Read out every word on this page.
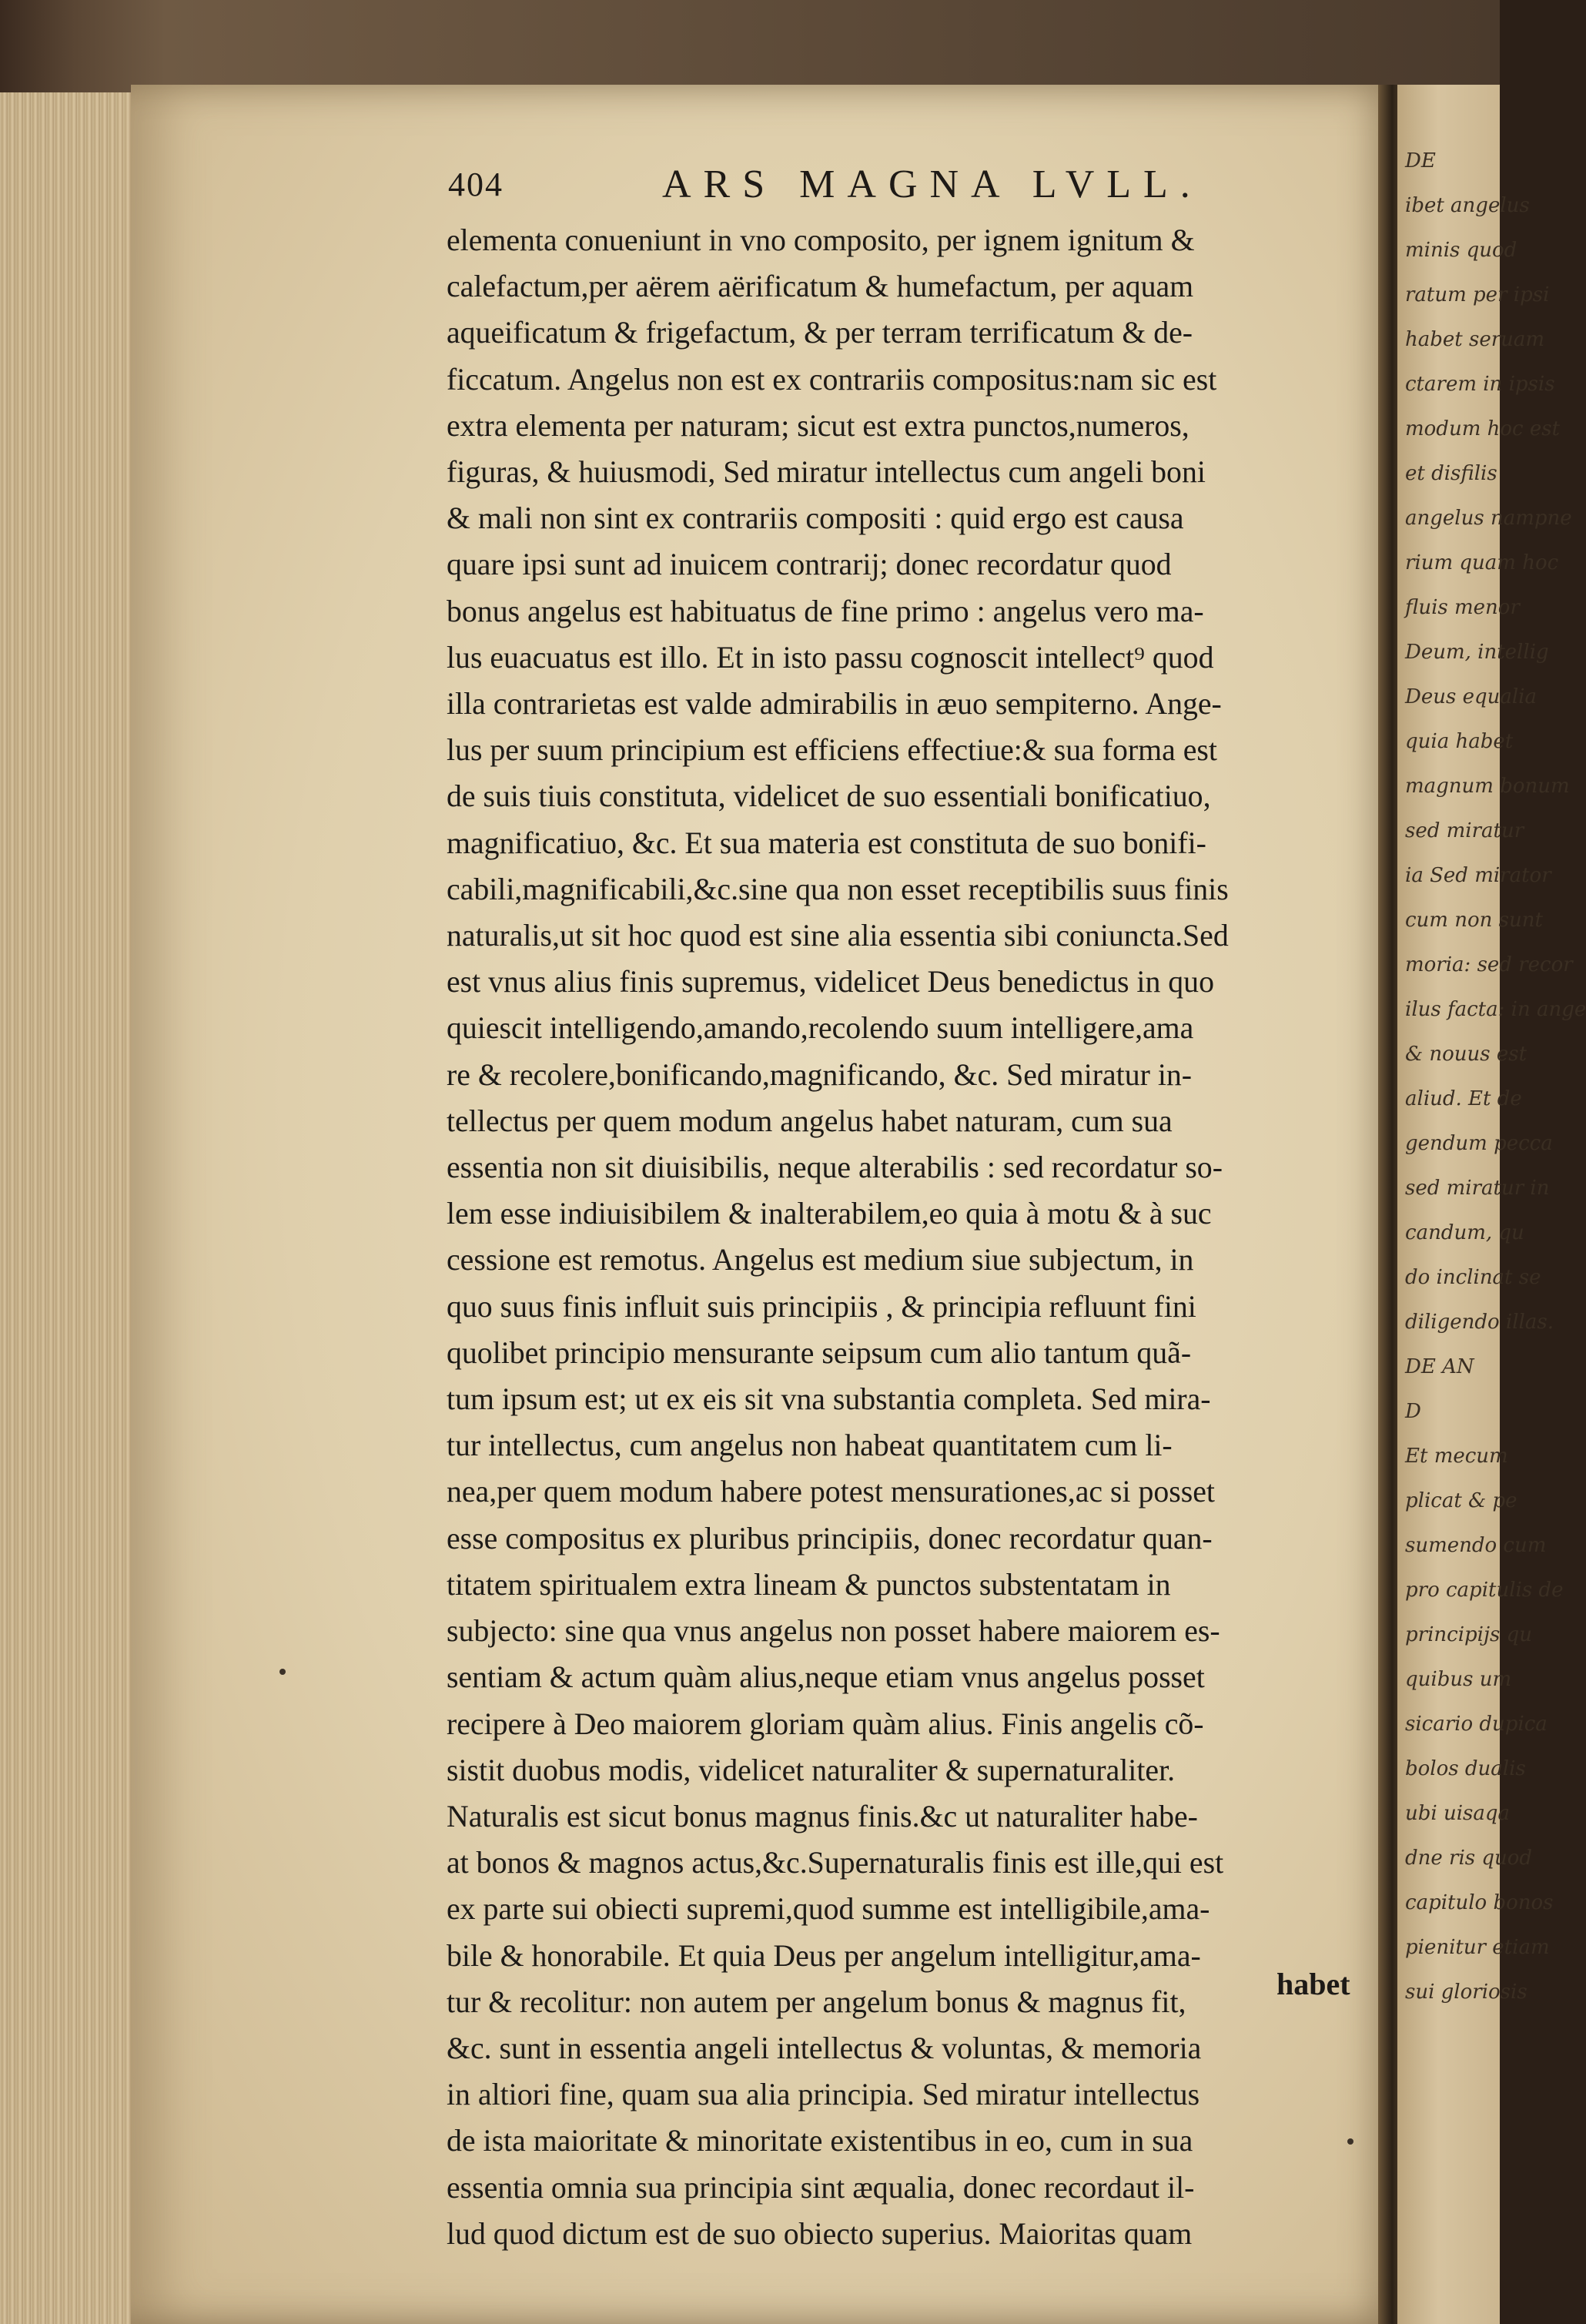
DE
ibet angelus
minis quod
ratum per ipsi
habet seruam
ctarem in ipsis
modum hoc est
et disfilis
angelus nampne
rium quam hoc
fluis menor
Deum, intellig
Deus equalia
quia habet
magnum bonum
sed miratur
ia Sed mirator
cum non sunt
moria: sed recor
ilus facta: in ange
& nouus est
aliud. Et de
gendum pecca
sed miratur in
candum, qu
do inclinat se
diligendo illas.
DE AN
D
Et mecum
plicat & pe
sumendo cum
pro capitulis de
principijs qu
quibus um
sicario dupica
bolos dualis
ubi uisaqa
dne ris quod
capitulo bonos
pienitur etiam
sui gloriosis
404	ARS MAGNA LVLL.
elementa conueniunt in vno composito, per ignem ignitum &
calefactum,per aërem aërificatum & humefactum, per aquam
aqueificatum & frigefactum, & per terram terrificatum & de-
ficcatum. Angelus non est ex contrariis compositus:nam sic est
extra elementa per naturam; sicut est extra punctos,numeros,
figuras, & huiusmodi, Sed miratur intellectus cum angeli boni
& mali non sint ex contrariis compositi : quid ergo est causa
quare ipsi sunt ad inuicem contrarij; donec recordatur quod
bonus angelus est habituatus de fine primo : angelus vero ma-
lus euacuatus est illo. Et in isto passu cognoscit intellect⁹ quod
illa contrarietas est valde admirabilis in æuo sempiterno. Ange-
lus per suum principium est efficiens effectiue:& sua forma est
de suis tiuis constituta, videlicet de suo essentiali bonificatiuo,
magnificatiuo, &c. Et sua materia est constituta de suo bonifi-
cabili,magnificabili,&c.sine qua non esset receptibilis suus finis
naturalis,ut sit hoc quod est sine alia essentia sibi coniuncta.Sed
est vnus alius finis supremus, videlicet Deus benedictus in quo
quiescit intelligendo,amando,recolendo suum intelligere,ama
re & recolere,bonificando,magnificando, &c. Sed miratur in-
tellectus per quem modum angelus habet naturam, cum sua
essentia non sit diuisibilis, neque alterabilis : sed recordatur so-
lem esse indiuisibilem & inalterabilem,eo quia à motu & à suc
cessione est remotus. Angelus est medium siue subjectum, in
quo suus finis influit suis principiis , & principia refluunt fini
quolibet principio mensurante seipsum cum alio tantum quã-
tum ipsum est; ut ex eis sit vna substantia completa. Sed mira-
tur intellectus, cum angelus non habeat quantitatem cum li-
nea,per quem modum habere potest mensurationes,ac si posset
esse compositus ex pluribus principiis, donec recordatur quan-
titatem spiritualem extra lineam & punctos substentatam in
subjecto: sine qua vnus angelus non posset habere maiorem es-
sentiam & actum quàm alius,neque etiam vnus angelus posset
recipere à Deo maiorem gloriam quàm alius. Finis angelis cõ-
sistit duobus modis, videlicet naturaliter & supernaturaliter.
Naturalis est sicut bonus magnus finis.&c ut naturaliter habe-
at bonos & magnos actus,&c.Supernaturalis finis est ille,qui est
ex parte sui obiecti supremi,quod summe est intelligibile,ama-
bile & honorabile. Et quia Deus per angelum intelligitur,ama-
tur & recolitur: non autem per angelum bonus & magnus fit,
&c. sunt in essentia angeli intellectus & voluntas, & memoria
in altiori fine, quam sua alia principia. Sed miratur intellectus
de ista maioritate & minoritate existentibus in eo, cum in sua
essentia omnia sua principia sint æqualia, donec recordaut il-
lud quod dictum est de suo obiecto superius. Maioritas quam
habet
